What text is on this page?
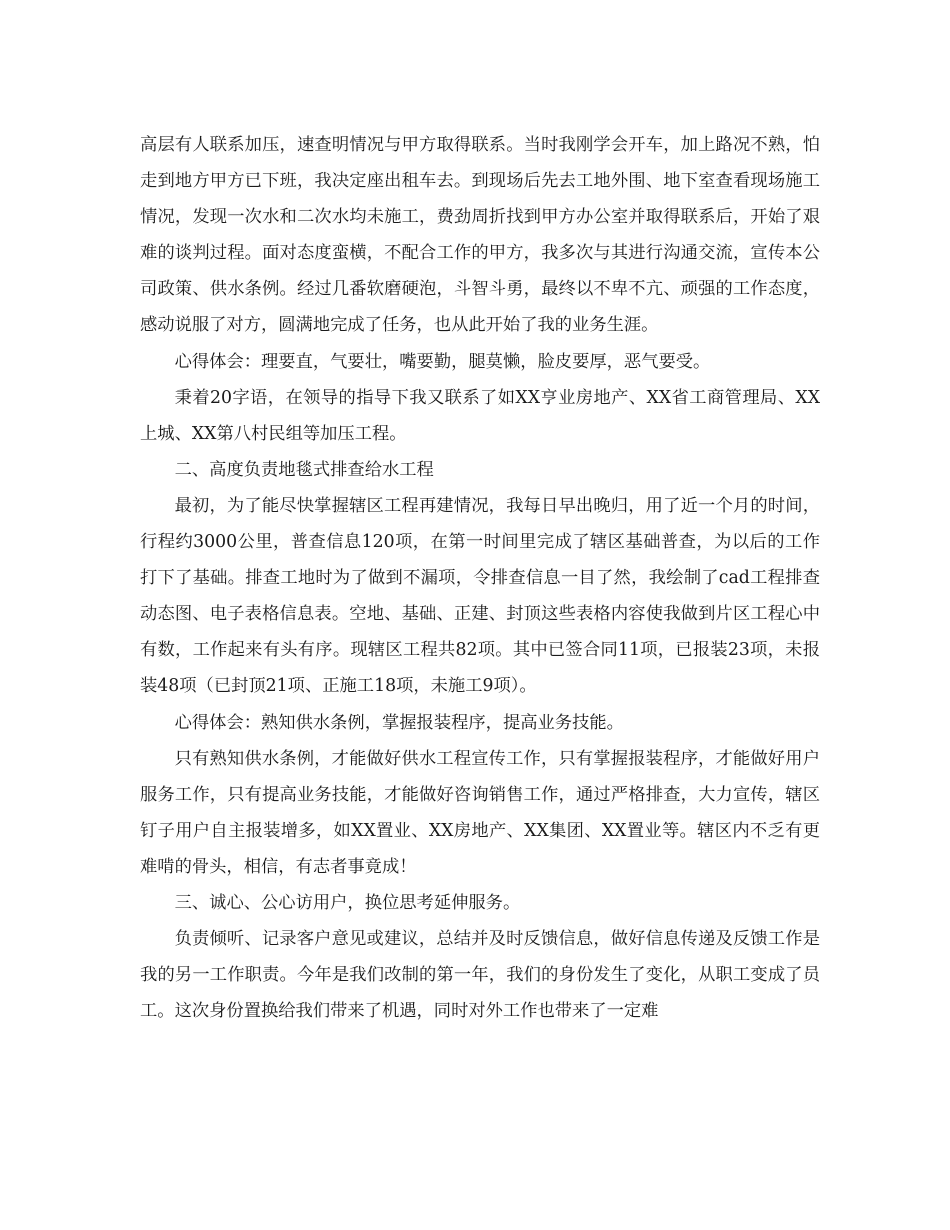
高层有人联系加压，速查明情况与甲方取得联系。当时我刚学会开车，加上路况不熟，怕走到地方甲方已下班，我决定座出租车去。到现场后先去工地外围、地下室查看现场施工情况，发现一次水和二次水均未施工，费劲周折找到甲方办公室并取得联系后，开始了艰难的谈判过程。面对态度蛮横，不配合工作的甲方，我多次与其进行沟通交流，宣传本公司政策、供水条例。经过几番软磨硬泡，斗智斗勇，最终以不卑不亢、顽强的工作态度，感动说服了对方，圆满地完成了任务，也从此开始了我的业务生涯。

心得体会：理要直，气要壮，嘴要勤，腿莫懒，脸皮要厚，恶气要受。

秉着20字语，在领导的指导下我又联系了如XX亨业房地产、XX省工商管理局、XX上城、XX第八村民组等加压工程。

二、高度负责地毯式排查给水工程

最初，为了能尽快掌握辖区工程再建情况，我每日早出晚归，用了近一个月的时间，行程约3000公里，普查信息120项，在第一时间里完成了辖区基础普查，为以后的工作打下了基础。排查工地时为了做到不漏项，令排查信息一目了然，我绘制了cad工程排查动态图、电子表格信息表。空地、基础、正建、封顶这些表格内容使我做到片区工程心中有数，工作起来有头有序。现辖区工程共82项。其中已签合同11项，已报装23项，未报装48项（已封顶21项、正施工18项，未施工9项）。

心得体会：熟知供水条例，掌握报装程序，提高业务技能。

只有熟知供水条例，才能做好供水工程宣传工作，只有掌握报装程序，才能做好用户服务工作，只有提高业务技能，才能做好咨询销售工作，通过严格排查，大力宣传，辖区钉子用户自主报装增多，如XX置业、XX房地产、XX集团、XX置业等。辖区内不乏有更难啃的骨头，相信，有志者事竟成！

三、诚心、公心访用户，换位思考延伸服务。

负责倾听、记录客户意见或建议，总结并及时反馈信息，做好信息传递及反馈工作是我的另一工作职责。今年是我们改制的第一年，我们的身份发生了变化，从职工变成了员工。这次身份置换给我们带来了机遇，同时对外工作也带来了一定难
